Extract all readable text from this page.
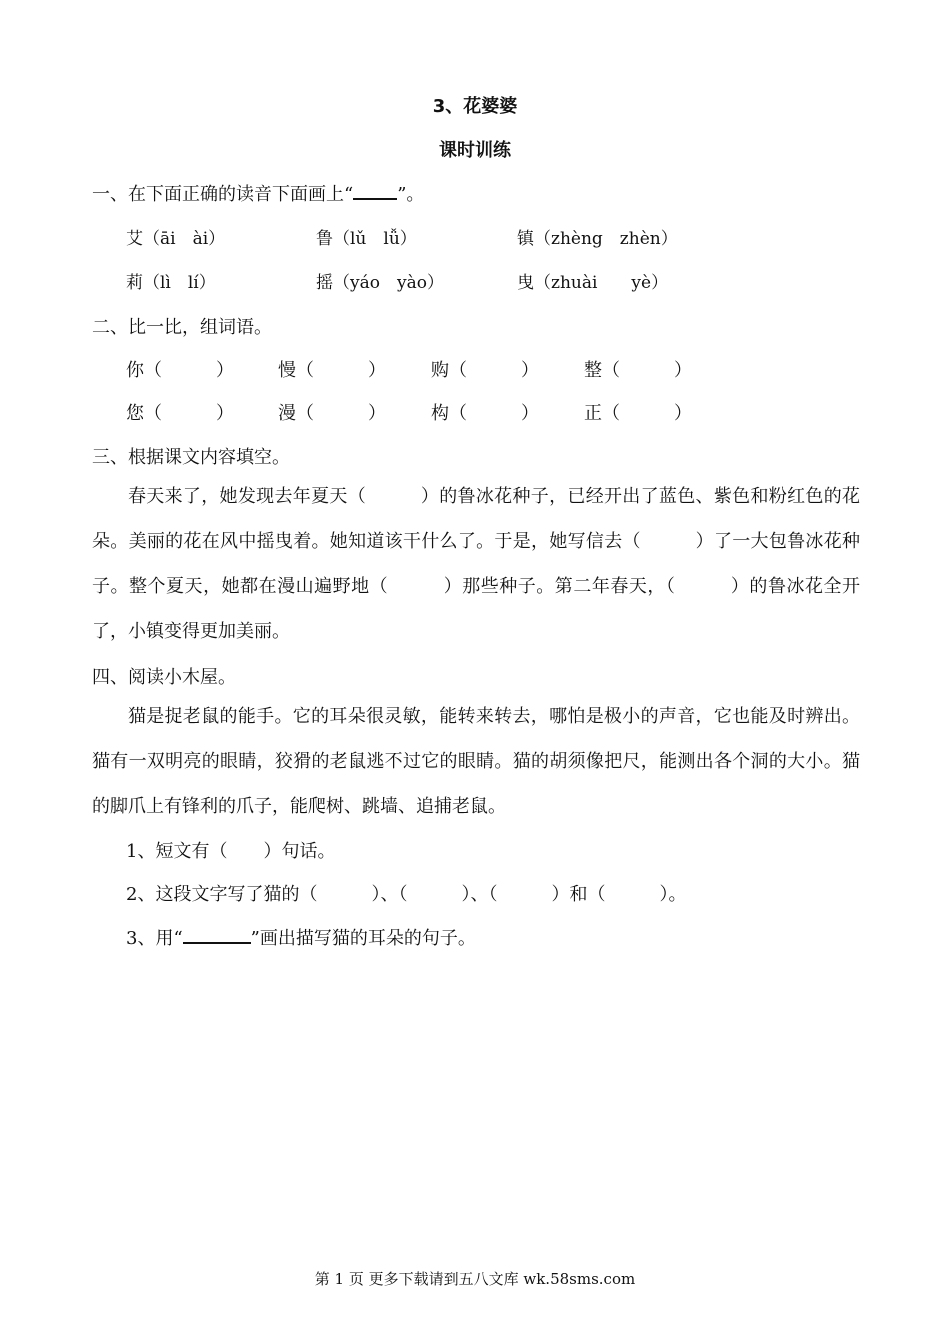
3、花婆婆
课时训练
一、在下面正确的读音下面画上“ ”。
艾（āi　ài）	鲁（lǔ　lǚ）	镇（zhèng　zhèn）
莉（lì　lí）	摇（yáo　yào）	曳（zhuài　　yè）
二、比一比，组词语。
你（　　　） 慢（　　　）	购（　　　）	整（　　　）
您（　　　） 漫（　　　）	构（　　　）	正（　　　）
三、根据课文内容填空。
春天来了，她发现去年夏天（　　　）的鲁冰花种子，已经开出了蓝色、紫色和粉红色的花朵。美丽的花在风中摇曳着。她知道该干什么了。于是，她写信去（　　　）了一大包鲁冰花种子。整个夏天，她都在漫山遍野地（　　　）那些种子。第二年春天，（　　　）的鲁冰花全开了，小镇变得更加美丽。
四、阅读小木屋。
猫是捉老鼠的能手。它的耳朵很灵敏，能转来转去，哪怕是极小的声音，它也能及时辨出。猫有一双明亮的眼睛，狡猾的老鼠逃不过它的眼睛。猫的胡须像把尺，能测出各个洞的大小。猫的脚爪上有锋利的爪子，能爬树、跳墙、追捕老鼠。
1、短文有（　　）句话。
2、这段文字写了猫的（　　　）、（　　　）、（　　　）和（　　　）。
3、用“	”画出描写猫的耳朵的句子。
第 1 页 更多下载请到五八文库 wk.58sms.com
